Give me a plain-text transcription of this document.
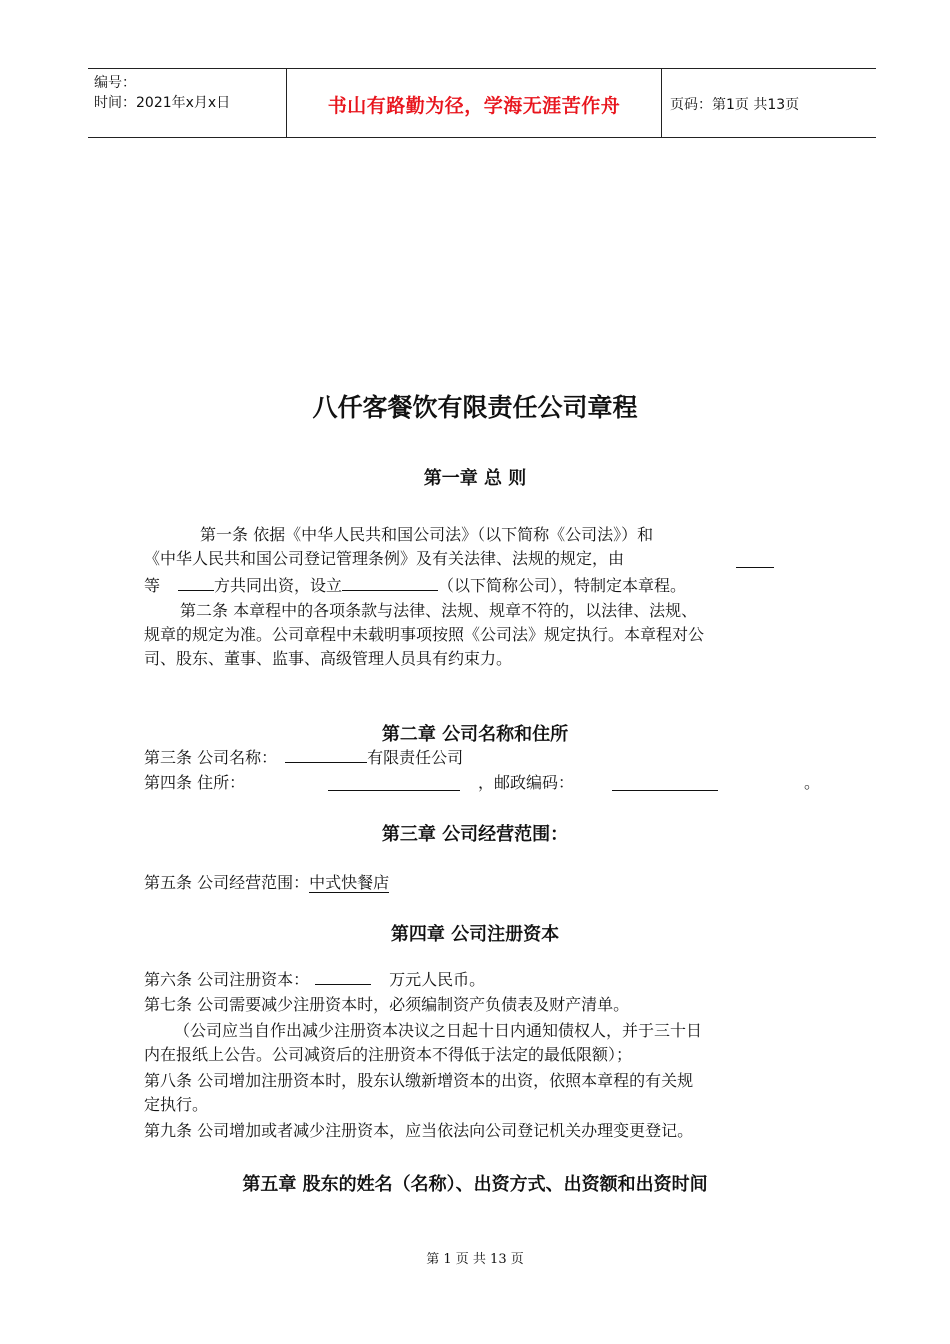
编号：
时间：2021年x月x日	书山有路勤为径，学海无涯苦作舟	页码：第1页 共13页
八仟客餐饮有限责任公司章程
第一章 总 则
第一条 依据《中华人民共和国公司法》（以下简称《公司法》）和
《中华人民共和国公司登记管理条例》及有关法律、法规的规定，由
等	方共同出资，设立	（以下简称公司），特制定本章程。
第二条 本章程中的各项条款与法律、法规、规章不符的，以法律、法规、
规章的规定为准。公司章程中未载明事项按照《公司法》规定执行。本章程对公
司、股东、董事、监事、高级管理人员具有约束力。
第二章 公司名称和住所
第三条 公司名称：	有限责任公司
第四条 住所：	，邮政编码：	。
第三章 公司经营范围：
第五条 公司经营范围：中式快餐店
第四章 公司注册资本
第六条 公司注册资本：	万元人民币。
第七条 公司需要减少注册资本时，必须编制资产负债表及财产清单。
（公司应当自作出减少注册资本决议之日起十日内通知债权人，并于三十日
内在报纸上公告。公司减资后的注册资本不得低于法定的最低限额）；
第八条 公司增加注册资本时，股东认缴新增资本的出资，依照本章程的有关规
定执行。
第九条 公司增加或者减少注册资本，应当依法向公司登记机关办理变更登记。
第五章 股东的姓名（名称）、出资方式、出资额和出资时间
第 1 页 共 13 页
